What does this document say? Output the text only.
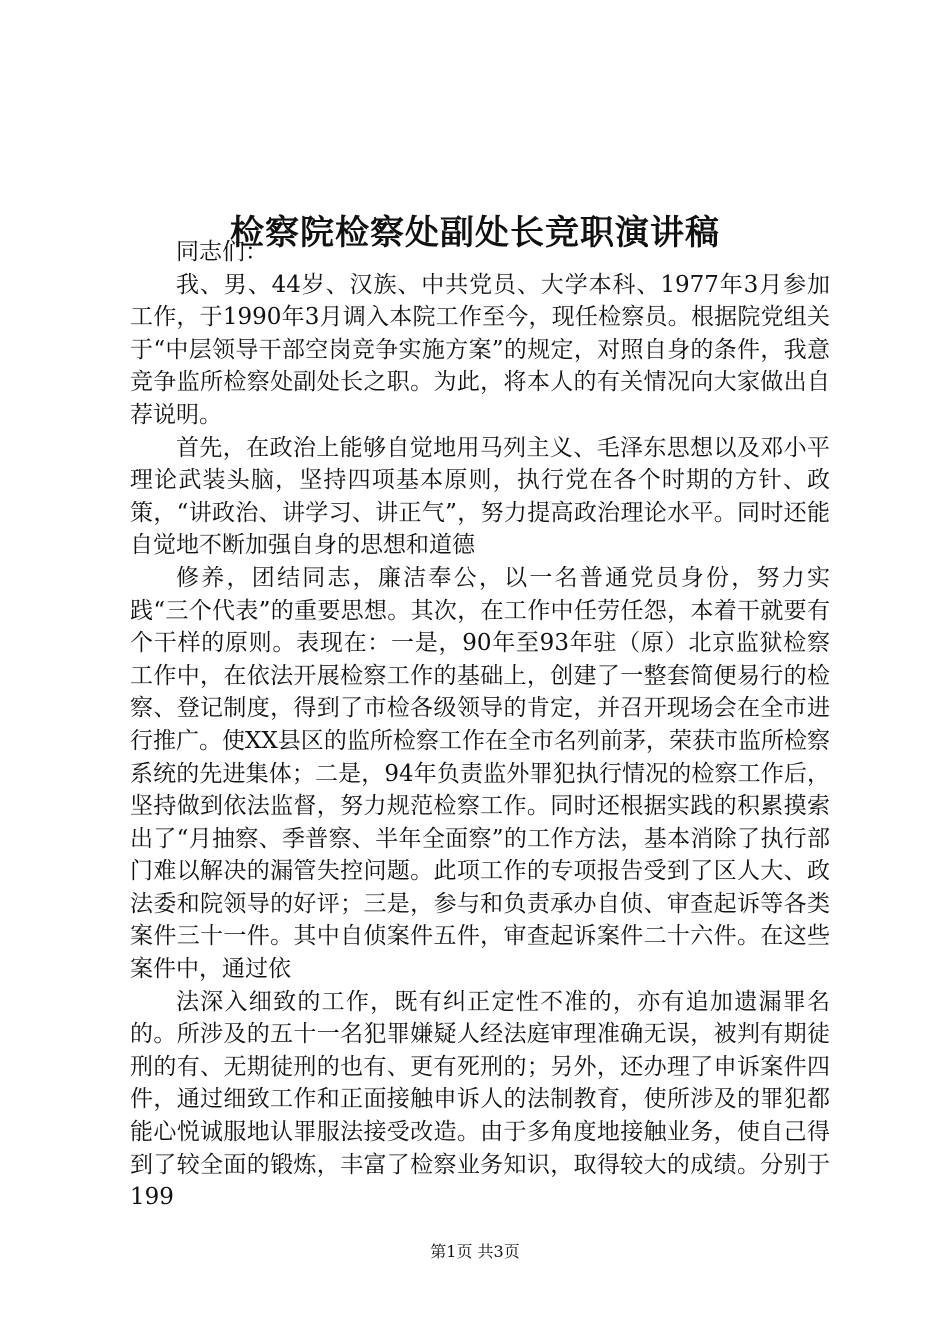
检察院检察处副处长竞职演讲稿

同志们：

我、男、44岁、汉族、中共党员、大学本科、1977年3月参加工作，于1990年3月调入本院工作至今，现任检察员。根据院党组关于“中层领导干部空岗竞争实施方案”的规定，对照自身的条件，我意竞争监所检察处副处长之职。为此，将本人的有关情况向大家做出自荐说明。

首先，在政治上能够自觉地用马列主义、毛泽东思想以及邓小平理论武装头脑，坚持四项基本原则，执行党在各个时期的方针、政策，“讲政治、讲学习、讲正气”，努力提高政治理论水平。同时还能自觉地不断加强自身的思想和道德

修养，团结同志，廉洁奉公，以一名普通党员身份，努力实践“三个代表”的重要思想。其次，在工作中任劳任怨，本着干就要有个干样的原则。表现在：一是，90年至93年驻（原）北京监狱检察工作中，在依法开展检察工作的基础上，创建了一整套简便易行的检察、登记制度，得到了市检各级领导的肯定，并召开现场会在全市进行推广。使XX县区的监所检察工作在全市名列前茅，荣获市监所检察系统的先进集体；二是，94年负责监外罪犯执行情况的检察工作后，坚持做到依法监督，努力规范检察工作。同时还根据实践的积累摸索出了“月抽察、季普察、半年全面察”的工作方法，基本消除了执行部门难以解决的漏管失控问题。此项工作的专项报告受到了区人大、政法委和院领导的好评；三是，参与和负责承办自侦、审查起诉等各类案件三十一件。其中自侦案件五件，审查起诉案件二十六件。在这些案件中，通过依

法深入细致的工作，既有纠正定性不准的，亦有追加遗漏罪名的。所涉及的五十一名犯罪嫌疑人经法庭审理准确无误，被判有期徒刑的有、无期徒刑的也有、更有死刑的；另外，还办理了申诉案件四件，通过细致工作和正面接触申诉人的法制教育，使所涉及的罪犯都能心悦诚服地认罪服法接受改造。由于多角度地接触业务，使自己得到了较全面的锻炼，丰富了检察业务知识，取得较大的成绩。分别于199

第1页 共3页
